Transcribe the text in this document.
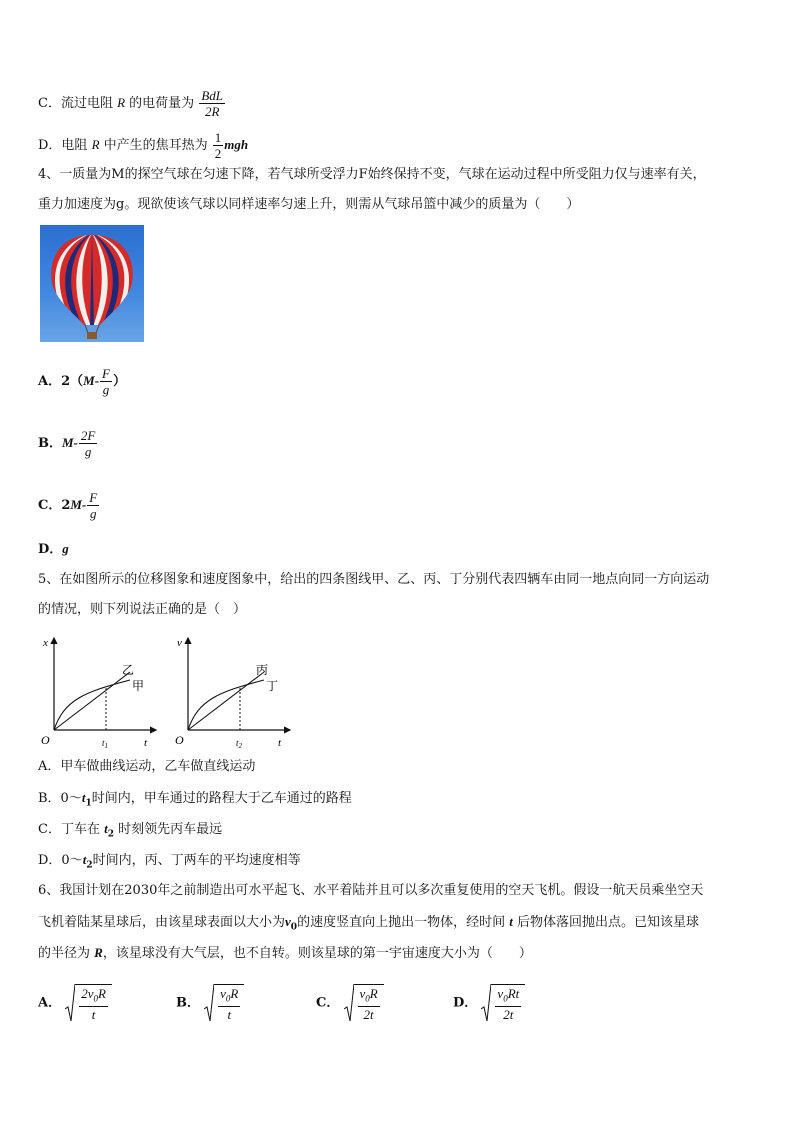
C．流过电阻 R 的电荷量为 $\frac{\text{BdL}}{2R}$
D．电阻 R 中产生的焦耳热为 $\frac{1}{2}$ mgh
4、一质量为M的探空气球在匀速下降，若气球所受浮力F始终保持不变，气球在运动过程中所受阻力仅与速率有关，
重力加速度为g。现欲使该气球以同样速率匀速上升，则需从气球吊篮中减少的质量为（　　）
A．$2(M- \frac{F}{g}$ ）
B．$M- \frac{2F}{g}$
C．$2M- \frac{F}{g}$
D．g
5、在如图所示的位移图象和速度图象中，给出的四条图线甲、乙、丙、丁分别代表四辆车由同一地点向同一方向运动
的情况，则下列说法正确的是（　）
x
t
O	$t_1$
乙
甲
v
t
O	$t_2$
丙
丁
A．甲车做曲线运动，乙车做直线运动
B．$0\sim t_1$时间内，甲车通过的路程大于乙车通过的路程
C．丁车在 $t_2$ 时刻领先丙车最远
D．$0\sim t_2$时间内，丙、丁两车的平均速度相等
6、我国计划在2030年之前制造出可水平起飞、水平着陆并且可以多次重复使用的空天飞机。假设一航天员乘坐空天
飞机着陆某星球后，由该星球表面以大小为$v_0$的速度竖直向上抛出一物体，经时间 t 后物体落回抛出点。已知该星球
的半径为 R，该星球没有大气层，也不自转。则该星球的第一宇宙速度大小为（　　）
A． $\frac{2v_0R}{t}$	B． $\frac{v_0R}{t}$	C． $\frac{v_0R}{2t}$	D． $\frac{v_0Rt}{2t}$
